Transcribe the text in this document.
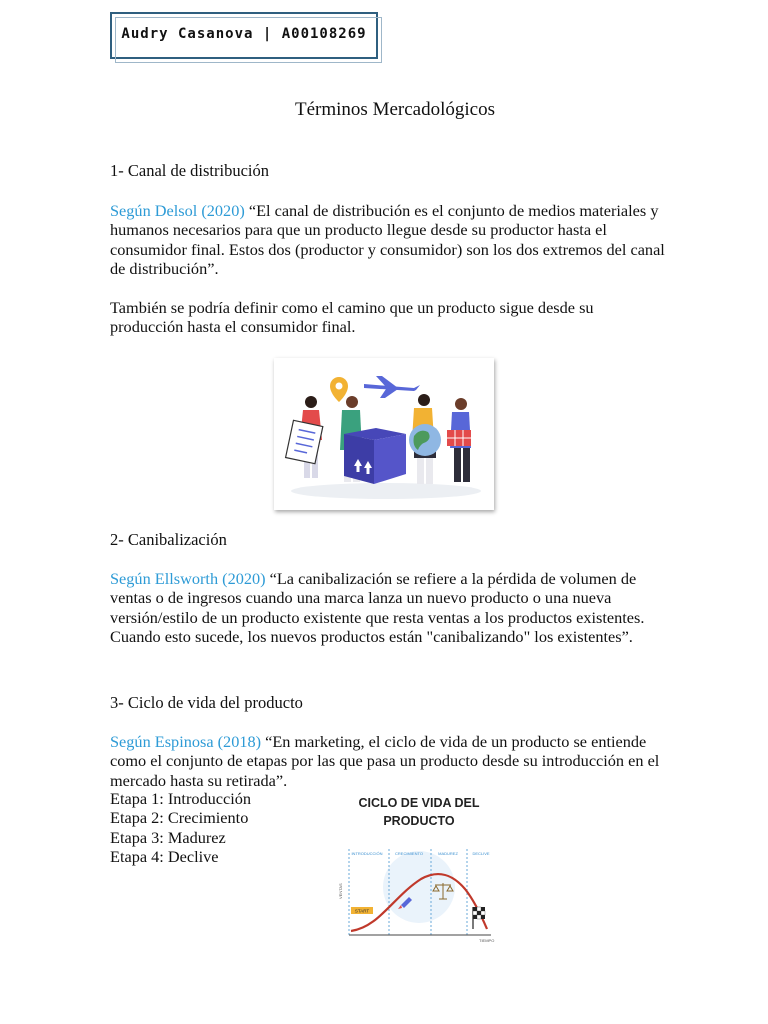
Audry Casanova | A00108269
Términos Mercadológicos
1- Canal de distribución
Según Delsol (2020) “El canal de distribución es el conjunto de medios materiales y humanos necesarios para que un producto llegue desde su productor hasta el consumidor final. Estos dos (productor y consumidor) son los dos extremos del canal de distribución”.
También se podría definir como el camino que un producto sigue desde su producción hasta el consumidor final.
2- Canibalización
Según Ellsworth (2020) “La canibalización se refiere a la pérdida de volumen de ventas o de ingresos cuando una marca lanza un nuevo producto o una nueva versión/estilo de un producto existente que resta ventas a los productos existentes. Cuando esto sucede, los nuevos productos están "canibalizando" los existentes”.
3- Ciclo de vida del producto
Según Espinosa (2018) “En marketing, el ciclo de vida de un producto se entiende como el conjunto de etapas por las que pasa un producto desde su introducción en el mercado hasta su retirada”.
Etapa 1: Introducción
Etapa 2: Crecimiento
Etapa 3: Madurez
Etapa 4: Declive
CICLO DE VIDA DEL
PRODUCTO
INTRODUCCIÓN	CRECIMIENTO	MADUREZ	DECLIVE
VENTAS
TIEMPO
START
